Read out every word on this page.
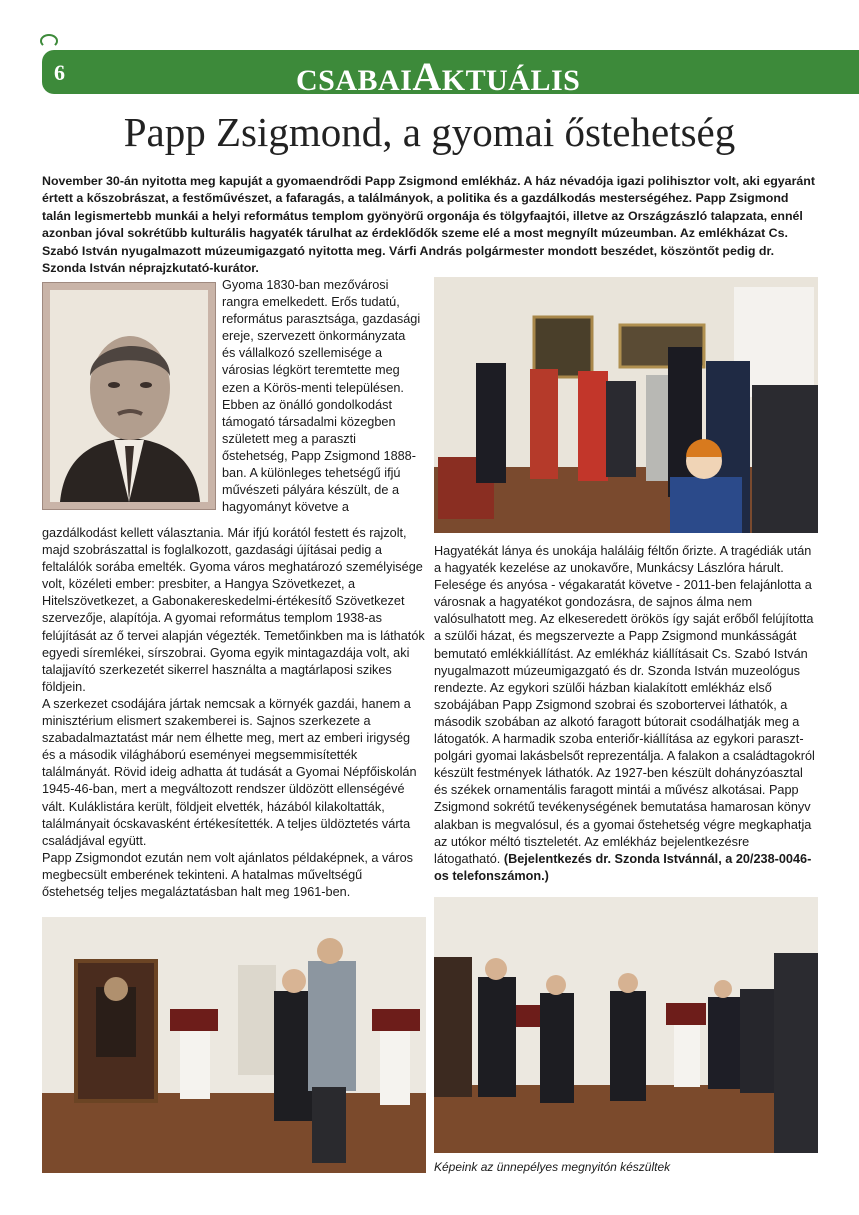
6	CSABAIAKTUÁLIS
Papp Zsigmond, a gyomai őstehetség

November 30-án nyitotta meg kapuját a gyomaendrődi Papp Zsigmond emlékház. A ház névadója igazi polihisztor volt, aki egyaránt értett a kőszobrászat, a festőművészet, a fafaragás, a találmányok, a politika és a gazdálkodás mesterségéhez. Papp Zsigmond talán legismertebb munkái a helyi református templom gyönyörű orgonája és tölgyfaajtói, illetve az Országzászló talapzata, ennél azonban jóval sokrétűbb kulturális hagyaték tárulhat az érdeklődők szeme elé a most megnyílt múzeumban. Az emlékházat Cs. Szabó István nyugalmazott múzeumigazgató nyitotta meg. Várfi András polgármester mondott beszédet, köszöntőt pedig dr. Szonda István néprajzkutató-kurátor.

Gyoma 1830-ban mezővárosi rangra emelkedett. Erős tudatú, református parasztsága, gazdasági ereje, szervezett önkormányzata és vállalkozó szellemisége a városias légkört teremtette meg ezen a Körös-menti településen. Ebben az önálló gondolkodást támogató társadalmi közegben született meg a paraszti őstehetség, Papp Zsigmond 1888-ban. A különleges tehetségű ifjú művészeti pályára készült, de a hagyományt követve a

gazdálkodást kellett választania. Már ifjú korától festett és rajzolt, majd szobrászattal is foglalkozott, gazdasági újításai pedig a feltalálók sorába emelték. Gyoma város meghatározó személyisége volt, közéleti ember: presbiter, a Hangya Szövetkezet, a Hitelszövetkezet, a Gabonakereskedelmi-értékesítő Szövetkezet szervezője, alapítója. A gyomai református templom 1938-as felújítását az ő tervei alapján végezték. Temetőinkben ma is láthatók egyedi síremlékei, sírszobrai. Gyoma egyik mintagazdája volt, aki talajjavító szerkezetét sikerrel használta a magtárlaposi szikes földjein.

A szerkezet csodájára jártak nemcsak a környék gazdái, hanem a minisztérium elismert szakemberei is. Sajnos szerkezete a szabadalmaztatást már nem élhette meg, mert az emberi irigység és a második világháború eseményei megsemmisítették találmányát. Rövid ideig adhatta át tudását a Gyomai Népfőiskolán 1945-46-ban, mert a megváltozott rendszer üldözött ellenségévé vált. Kuláklistára került, földjeit elvették, házából kilakoltatták, találmányait ócskavasként értékesítették. A teljes üldöztetés várta családjával együtt.

Papp Zsigmondot ezután nem volt ajánlatos példaképnek, a város megbecsült emberének tekinteni. A hatalmas műveltségű őstehetség teljes megaláztatásban halt meg 1961-ben.

Hagyatékát lánya és unokája haláláig féltőn őrizte. A tragédiák után a hagyaték kezelése az unokavőre, Munkácsy Lászlóra hárult. Felesége és anyósa - végakaratát követve - 2011-ben felajánlotta a városnak a hagyatékot gondozásra, de sajnos álma nem valósulhatott meg. Az elkeseredett örökös így saját erőből felújította a szülői házat, és megszervezte a Papp Zsigmond munkásságát bemutató emlékkiállítást. Az emlékház kiállításait Cs. Szabó István nyugalmazott múzeumigazgató és dr. Szonda István muzeológus rendezte. Az egykori szülői házban kialakított emlékház első szobájában Papp Zsigmond szobrai és szobortervei láthatók, a második szobában az alkotó faragott bútorait csodálhatják meg a látogatók. A harmadik szoba enteriőr-kiállítása az egykori parasztpolgári gyomai lakásbelsőt reprezentálja. A falakon a családtagokról készült festmények láthatók. Az 1927-ben készült dohányzóasztal és székek ornamentális faragott mintái a művész alkotásai. Papp Zsigmond sokrétű tevékenységének bemutatása hamarosan könyv alakban is megvalósul, és a gyomai őstehetség végre megkaphatja az utókor méltó tiszteletét. Az emlékház bejelentkezésre látogatható. (Bejelentkezés dr. Szonda Istvánnál, a 20/238-0046-os telefonszámon.)

Képeink az ünnepélyes megnyitón készültek
